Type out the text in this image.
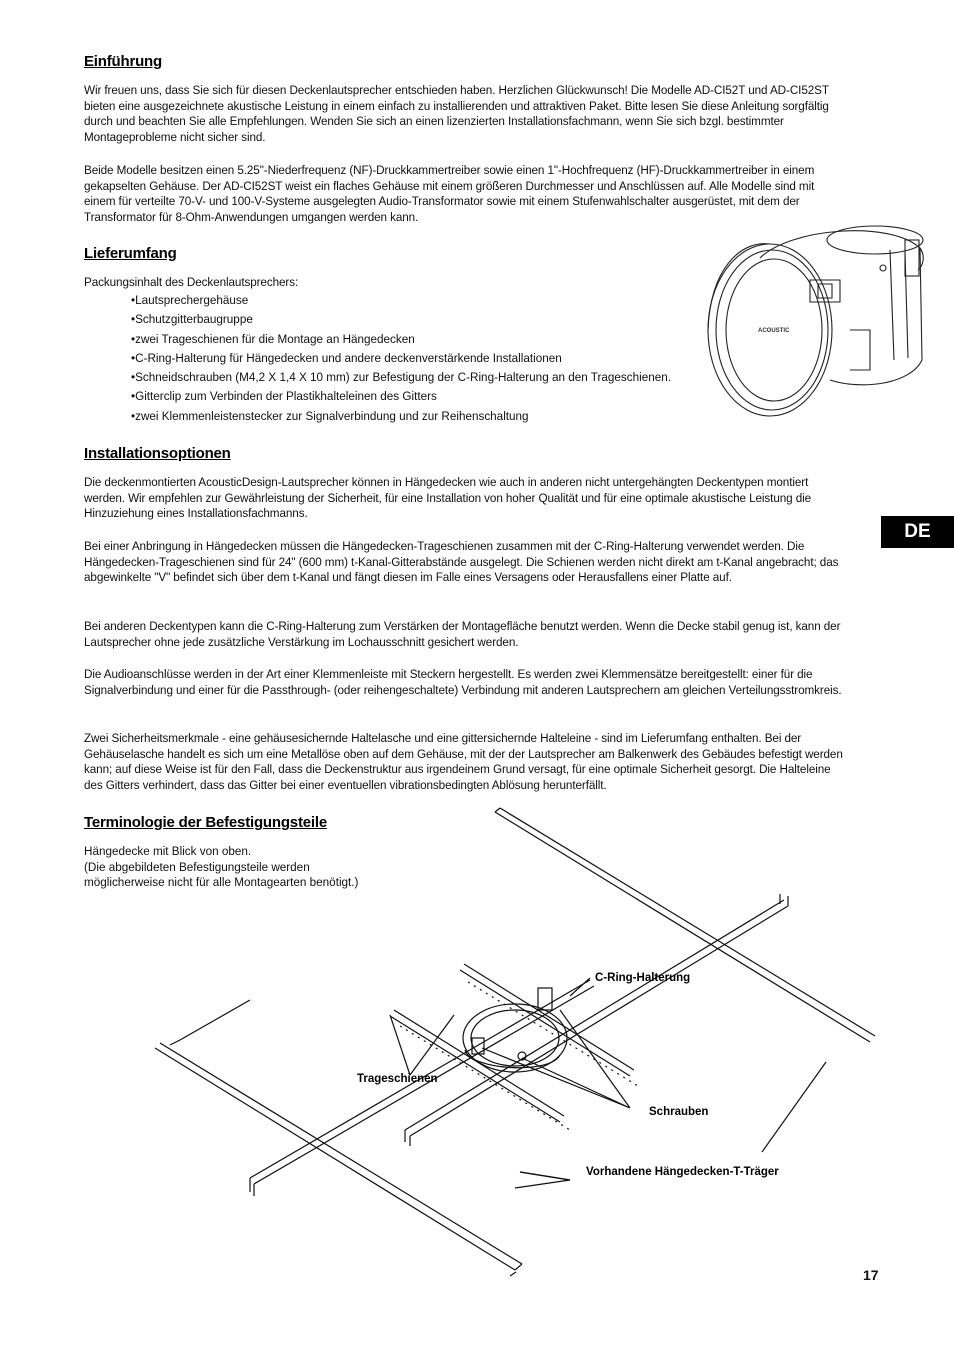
Einführung

Wir freuen uns, dass Sie sich für diesen Deckenlautsprecher entschieden haben. Herzlichen Glückwunsch! Die Modelle AD-CI52T und AD-CI52ST bieten eine ausgezeichnete akustische Leistung in einem einfach zu installierenden und attraktiven Paket. Bitte lesen Sie diese Anleitung sorgfältig durch und beachten Sie alle Empfehlungen. Wenden Sie sich an einen lizenzierten Installationsfachmann, wenn Sie sich bzgl. bestimmter Montageprobleme nicht sicher sind.

Beide Modelle besitzen einen 5.25"-Niederfrequenz (NF)-Druckkammertreiber sowie einen 1"-Hochfrequenz (HF)-Druckkammertreiber in einem gekapselten Gehäuse. Der AD-CI52ST weist ein flaches Gehäuse mit einem größeren Durchmesser und Anschlüssen auf. Alle Modelle sind mit einem für verteilte 70-V- und 100-V-Systeme ausgelegten Audio-Transformator sowie mit einem Stufenwahlschalter ausgerüstet, mit dem der Transformator für 8-Ohm-Anwendungen umgangen werden kann.

Lieferumfang

Packungsinhalt des Deckenlautsprechers:

•Lautsprechergehäuse
•Schutzgitterbaugruppe
•zwei Trageschienen für die Montage an Hängedecken
•C-Ring-Halterung für Hängedecken und andere deckenverstärkende Installationen
•Schneidschrauben (M4,2 X 1,4 X 10 mm) zur Befestigung der C-Ring-Halterung an den Trageschienen.
•Gitterclip zum Verbinden der Plastikhalteleinen des Gitters
•zwei Klemmenleistenstecker zur Signalverbindung und zur Reihenschaltung
ACOUSTIC
Installationsoptionen

Die deckenmontierten AcousticDesign-Lautsprecher können in Hängedecken wie auch in anderen nicht untergehängten Deckentypen montiert werden. Wir empfehlen zur Gewährleistung der Sicherheit, für eine Installation von hoher Qualität und für eine optimale akustische Leistung die Hinzuziehung eines Installationsfachmanns.

Bei einer Anbringung in Hängedecken müssen die Hängedecken-Trageschienen zusammen mit der C-Ring-Halterung verwendet werden. Die Hängedecken-Trageschienen sind für 24" (600 mm) t-Kanal-Gitterabstände ausgelegt. Die Schienen werden nicht direkt am t-Kanal angebracht; das abgewinkelte "V" befindet sich über dem t-Kanal und fängt diesen im Falle eines Versagens oder Herausfallens einer Platte auf.

Bei anderen Deckentypen kann die C-Ring-Halterung zum Verstärken der Montagefläche benutzt werden. Wenn die Decke stabil genug ist, kann der Lautsprecher ohne jede zusätzliche Verstärkung im Lochausschnitt gesichert werden.

Die Audioanschlüsse werden in der Art einer Klemmenleiste mit Steckern hergestellt. Es werden zwei Klemmensätze bereitgestellt: einer für die Signalverbindung und einer für die Passthrough- (oder reihengeschaltete) Verbindung mit anderen Lautsprechern am gleichen Verteilungsstromkreis.

Zwei Sicherheitsmerkmale - eine gehäusesichernde Haltelasche und eine gittersichernde Halteleine - sind im Lieferumfang enthalten. Bei der Gehäuselasche handelt es sich um eine Metallöse oben auf dem Gehäuse, mit der der Lautsprecher am Balkenwerk des Gebäudes befestigt werden kann; auf diese Weise ist für den Fall, dass die Deckenstruktur aus irgendeinem Grund versagt, für eine optimale Sicherheit gesorgt. Die Halteleine des Gitters verhindert, dass das Gitter bei einer eventuellen vibrationsbedingten Ablösung herunterfällt.

DE
Terminologie der Befestigungsteile
Hängedecke mit Blick von oben.
(Die abgebildeten Befestigungsteile werden
möglicherweise nicht für alle Montagearten benötigt.)
C-Ring-Halterung
Trageschienen
Schrauben
Vorhandene Hängedecken-T-Träger
17
